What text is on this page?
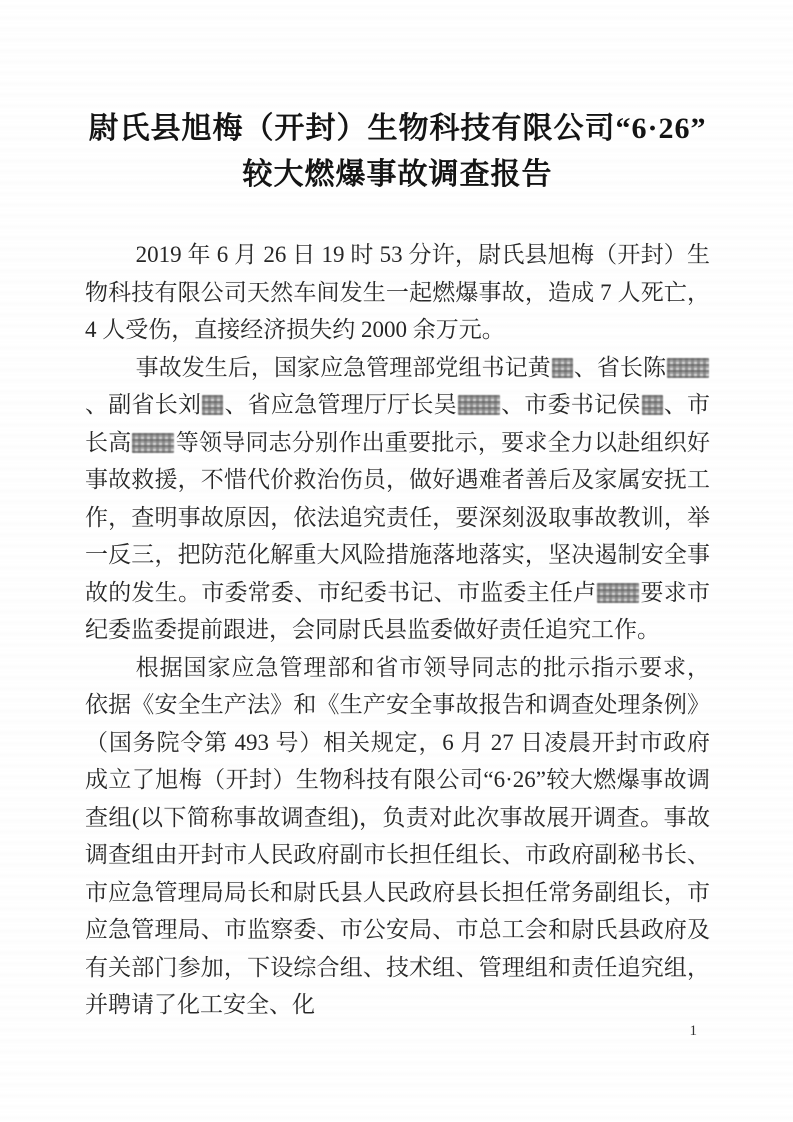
尉氏县旭梅（开封）生物科技有限公司“6·26”
较大燃爆事故调查报告

2019 年 6 月 26 日 19 时 53 分许，尉氏县旭梅（开封）生物科技有限公司天然车间发生一起燃爆事故，造成 7 人死亡，4 人受伤，直接经济损失约 2000 余万元。

事故发生后，国家应急管理部党组书记黄 、省长陈、副省长刘 、省应急管理厅厅长吴 、市委书记侯 、市长高 等领导同志分别作出重要批示，要求全力以赴组织好事故救援，不惜代价救治伤员，做好遇难者善后及家属安抚工作，查明事故原因，依法追究责任，要深刻汲取事故教训，举一反三，把防范化解重大风险措施落地落实，坚决遏制安全事故的发生。市委常委、市纪委书记、市监委主任卢 要求市纪委监委提前跟进，会同尉氏县监委做好责任追究工作。

根据国家应急管理部和省市领导同志的批示指示要求，依据《安全生产法》和《生产安全事故报告和调查处理条例》（国务院令第 493 号）相关规定，6 月 27 日凌晨开封市政府成立了旭梅（开封）生物科技有限公司“6·26”较大燃爆事故调查组(以下简称事故调查组)，负责对此次事故展开调查。事故调查组由开封市人民政府副市长担任组长、市政府副秘书长、市应急管理局局长和尉氏县人民政府县长担任常务副组长，市应急管理局、市监察委、市公安局、市总工会和尉氏县政府及有关部门参加，下设综合组、技术组、管理组和责任追究组，并聘请了化工安全、化

1
